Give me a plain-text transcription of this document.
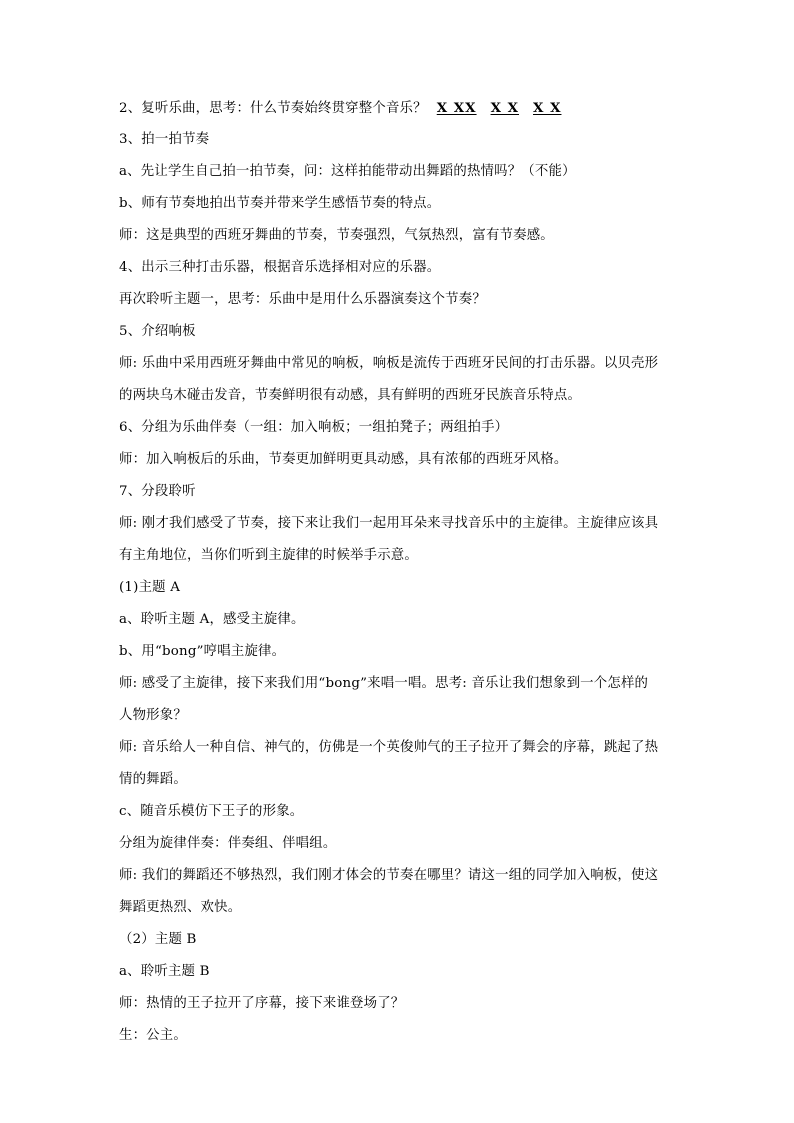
2、复听乐曲，思考：什么节奏始终贯穿整个音乐？ X XX X X X X
3、拍一拍节奏
a、先让学生自己拍一拍节奏，问：这样拍能带动出舞蹈的热情吗？（不能）
b、师有节奏地拍出节奏并带来学生感悟节奏的特点。
师：这是典型的西班牙舞曲的节奏，节奏强烈，气氛热烈，富有节奏感。
4、出示三种打击乐器，根据音乐选择相对应的乐器。
再次聆听主题一，思考：乐曲中是用什么乐器演奏这个节奏？
5、介绍响板
师: 乐曲中采用西班牙舞曲中常见的响板，响板是流传于西班牙民间的打击乐器。以贝壳形
的两块乌木碰击发音，节奏鲜明很有动感，具有鲜明的西班牙民族音乐特点。
6、分组为乐曲伴奏（一组：加入响板；一组拍凳子；两组拍手）
师：加入响板后的乐曲，节奏更加鲜明更具动感，具有浓郁的西班牙风格。
7、分段聆听
师: 刚才我们感受了节奏，接下来让我们一起用耳朵来寻找音乐中的主旋律。主旋律应该具
有主角地位，当你们听到主旋律的时候举手示意。
(1)主题 A
a、聆听主题 A，感受主旋律。
b、用“bong”哼唱主旋律。
师: 感受了主旋律，接下来我们用“bong”来唱一唱。思考: 音乐让我们想象到一个怎样的
人物形象？
师: 音乐给人一种自信、神气的，仿佛是一个英俊帅气的王子拉开了舞会的序幕，跳起了热
情的舞蹈。
c、随音乐模仿下王子的形象。
分组为旋律伴奏：伴奏组、伴唱组。
师: 我们的舞蹈还不够热烈，我们刚才体会的节奏在哪里？请这一组的同学加入响板，使这
舞蹈更热烈、欢快。
（2）主题 B
a、聆听主题 B
师：热情的王子拉开了序幕，接下来谁登场了？
生：公主。
